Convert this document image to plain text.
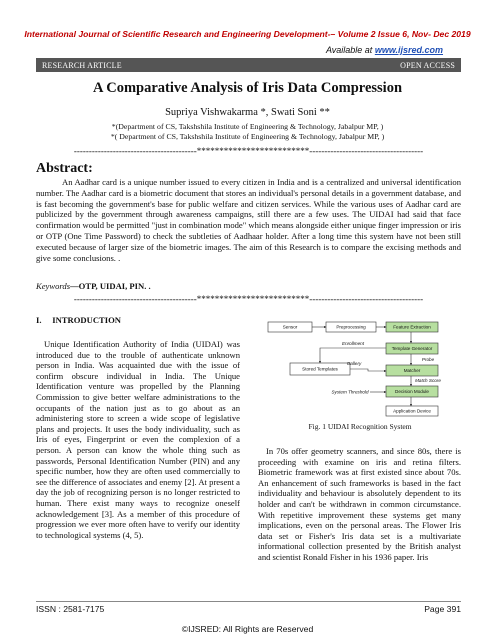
International Journal of Scientific Research and Engineering Development-– Volume 2 Issue 6, Nov- Dec 2019
Available at www.ijsred.com
RESEARCH ARTICLE	OPEN ACCESS
A Comparative Analysis of Iris Data Compression
Supriya Vishwakarma *, Swati Soni **
*(Department of CS, Takshshila Institute of Engineering & Technology, Jabalpur MP, )
*( Department of CS, Takshshila Institute of Engineering & Technology, Jabalpur MP, )
-----------------------------------------*************************--------------------------------------
Abstract:
An Aadhar card is a unique number issued to every citizen in India and is a centralized and universal identification number. The Aadhar card is a biometric document that stores an individual's personal details in a government database, and is fast becoming the government's base for public welfare and citizen services. While the various uses of Aadhar card are publicized by the government through awareness campaigns, still there are a few uses. The UIDAI had said that face confirmation would be permitted "just in combination mode" which means alongside either unique finger impression or iris or OTP (One Time Password) to check the subtleties of Aadhaar holder. After a long time this system have not been still executed because of larger size of the biometric images. The aim of this Research is to compare the excising methods and give some conclusions. .
Keywords—OTP, UIDAI, PIN. .
-----------------------------------------*************************--------------------------------------
I.     INTRODUCTION
Unique Identification Authority of India (UIDAI) was introduced due to the trouble of authenticate unknown person in India. Was acquainted due with the issue of confirm obscure individual in India. The Unique Identification venture was propelled by the Planning Commission to give better welfare administrations to the occupants of the nation just as to go about as an administering store to screen a wide scope of legislative plans and projects. It uses the body individuality, such as Iris of eyes, Fingerprint or even the complexion of a person. A person can know the whole thing such as passwords, Personal Identification Number (PIN) and any specific number, how they are often used commercially to see the difference of associates and enemy [2]. At present a day the job of recognizing person is no longer restricted to human. There exist many ways to recognize oneself acknowledgement [3]. As a member of this procedure of progression we ever more often have to verify our identity to technological systems (4, 5).
Sensor	Preprocessing	Feature Extraction
Enrollment
Template Generator
Probe
Gallery
Stored Templates	Matcher
Match Score
System Threshold	Decision Module
Application Device
Fig. 1 UIDAI Recognition System
In 70s offer geometry scanners, and since 80s, there is proceeding with examine on iris and retina filters. Biometric framework was at first existed since about 70s. An enhancement of such frameworks is based in the fact individuality and behaviour is absolutely dependent to its holder and can't be withdrawn in common circumstance. With repetitive improvement these systems get many implications, even on the personal areas. The Flower Iris data set or Fisher's Iris data set is a multivariate informational collection presented by the British analyst and scientist Ronald Fisher in his 1936 paper. Iris
ISSN : 2581-7175	Page 391
©IJSRED: All Rights are Reserved
